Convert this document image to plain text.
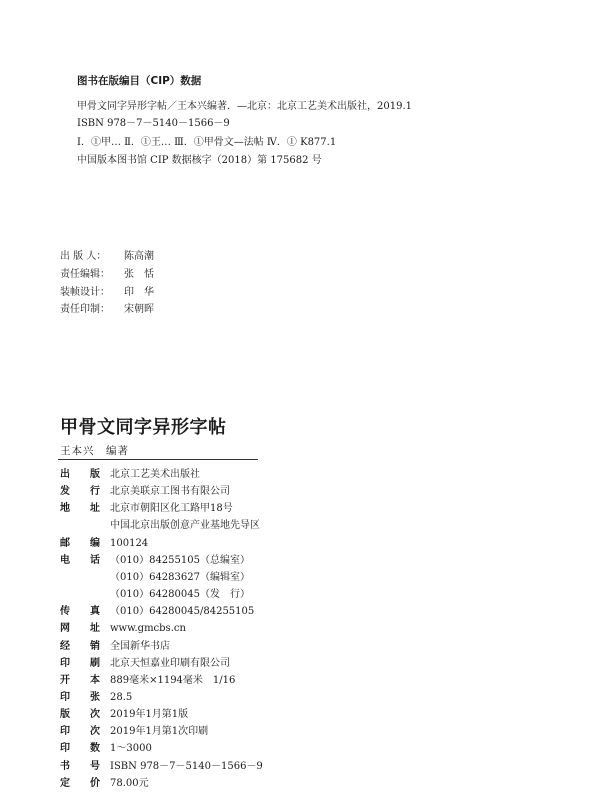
图书在版编目（CIP）数据
甲骨文同字异形字帖／王本兴编著．—北京：北京工艺美术出版社，2019.1
ISBN 978－7－5140－1566－9
Ⅰ．①甲… Ⅱ．①王… Ⅲ．①甲骨文—法帖 Ⅳ．① K877.1
中国版本图书馆 CIP 数据核字（2018）第 175682 号
出 版 人： 陈高潮
责任编辑： 张　恬
装帧设计： 印　华
责任印制： 宋朝晖
甲骨文同字异形字帖
王本兴　编著
出版 北京工艺美术出版社
发行 北京美联京工图书有限公司
地址 北京市朝阳区化工路甲18号
中国北京出版创意产业基地先导区
邮编 100124
电话 （010）84255105（总编室）
（010）64283627（编辑室）
（010）64280045（发　行）
传真 （010）64280045/84255105
网址 www.gmcbs.cn
经销 全国新华书店
印刷 北京天恒嘉业印刷有限公司
开本 889毫米×1194毫米　1/16
印张 28.5
版次 2019年1月第1版
印次 2019年1月第1次印刷
印数 1～3000
书号 ISBN 978－7－5140－1566－9
定价 78.00元
